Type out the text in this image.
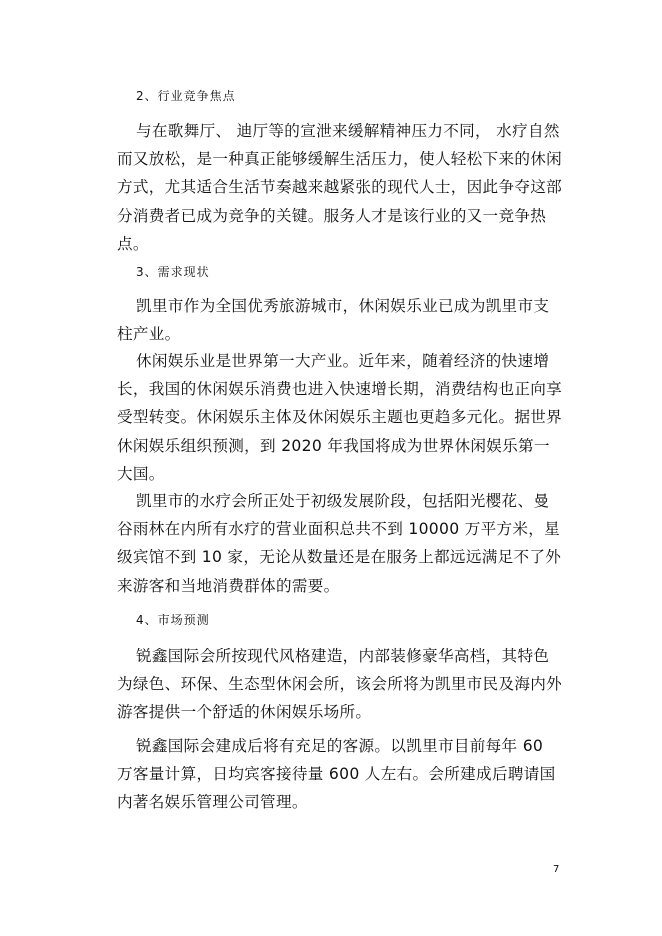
2、行业竞争焦点

与在歌舞厅、 迪厅等的宣泄来缓解精神压力不同， 水疗自然而又放松，是一种真正能够缓解生活压力，使人轻松下来的休闲方式，尤其适合生活节奏越来越紧张的现代人士，因此争夺这部分消费者已成为竞争的关键。服务人才是该行业的又一竞争热点。

3、需求现状

凯里市作为全国优秀旅游城市，休闲娱乐业已成为凯里市支柱产业。

休闲娱乐业是世界第一大产业。近年来，随着经济的快速增长，我国的休闲娱乐消费也进入快速增长期，消费结构也正向享受型转变。休闲娱乐主体及休闲娱乐主题也更趋多元化。据世界休闲娱乐组织预测，到 2020 年我国将成为世界休闲娱乐第一大国。

凯里市的水疗会所正处于初级发展阶段，包括阳光樱花、曼谷雨林在内所有水疗的营业面积总共不到 10000 万平方米，星级宾馆不到 10 家，无论从数量还是在服务上都远远满足不了外来游客和当地消费群体的需要。

4、市场预测

锐鑫国际会所按现代风格建造，内部装修豪华高档，其特色为绿色、环保、生态型休闲会所，该会所将为凯里市民及海内外游客提供一个舒适的休闲娱乐场所。

锐鑫国际会建成后将有充足的客源。以凯里市目前每年 60 万客量计算，日均宾客接待量 600 人左右。会所建成后聘请国内著名娱乐管理公司管理。

7
